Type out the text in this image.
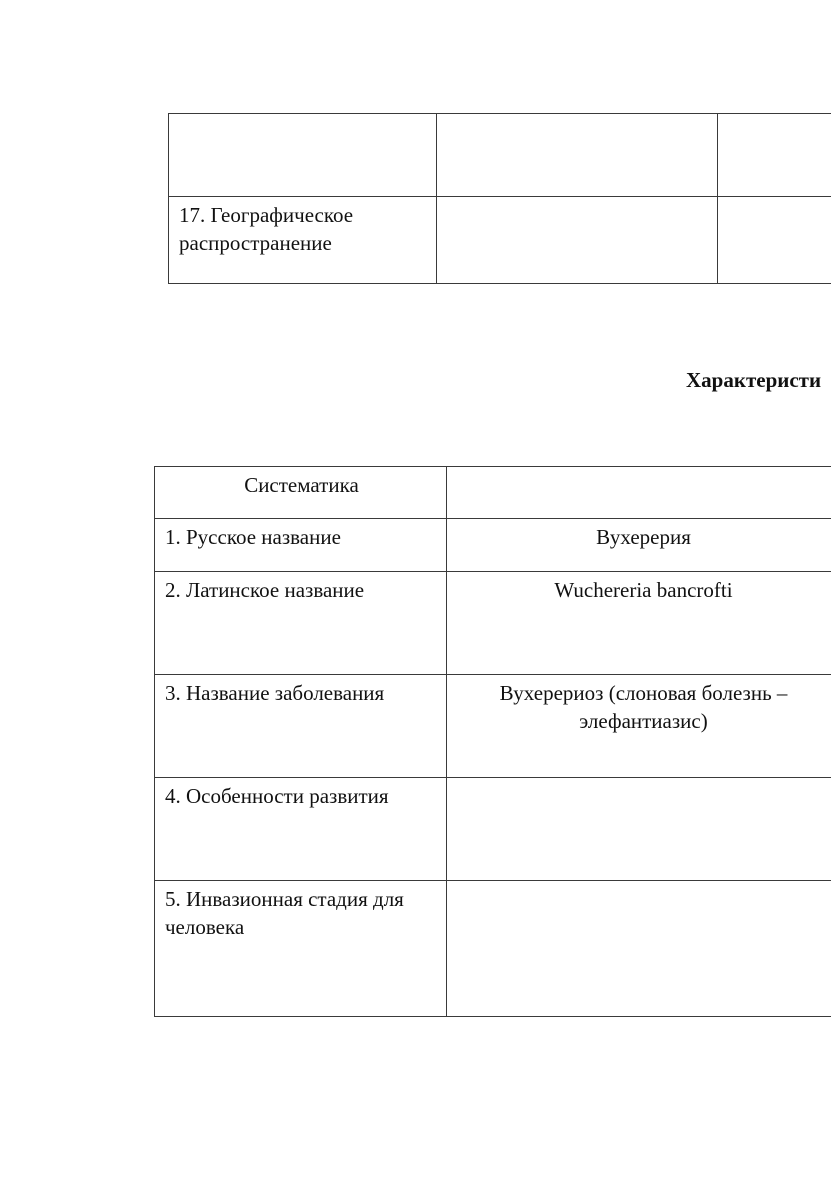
17. Географическое распространение		

Характеристи
Систематика	

1. Русское название	Вухерерия

2. Латинское название	Wuchereria bancrofti

3. Название заболевания	Вухерериоз (слоновая болезнь – элефантиазис)

4. Особенности развития	

5. Инвазионная стадия для человека	
